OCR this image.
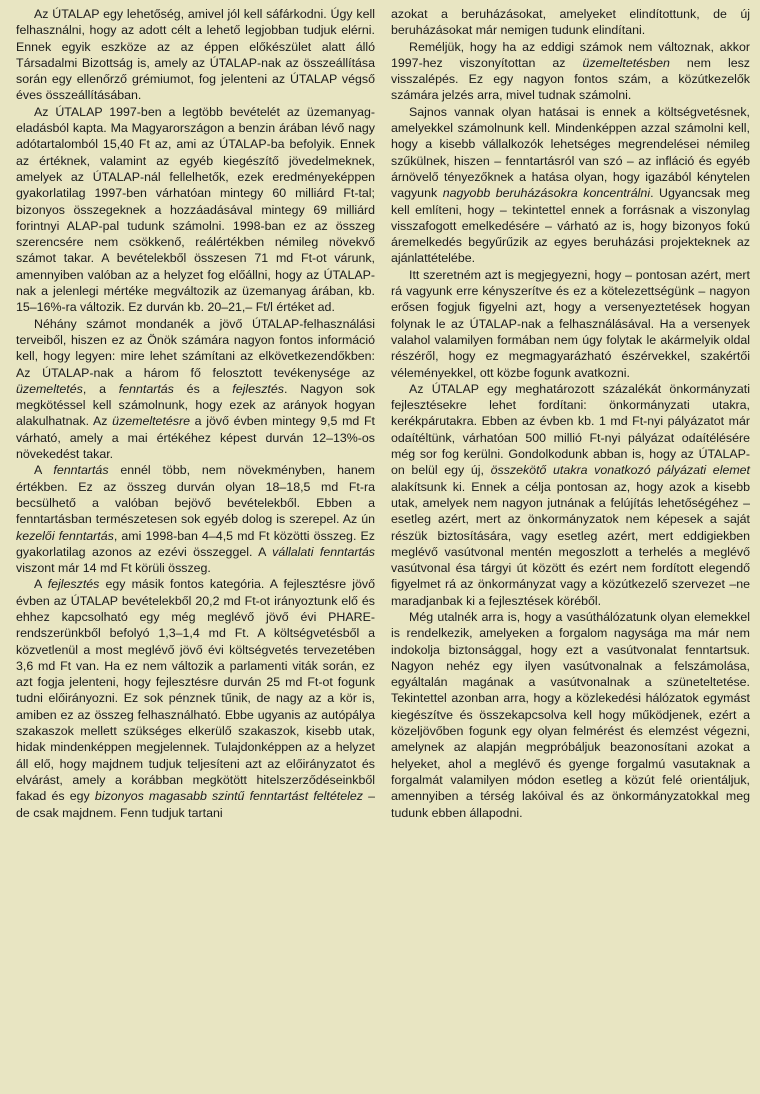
Az ÚTALAP egy lehetőség, amivel jól kell sáfárkodni. Úgy kell felhasználni, hogy az adott célt a lehető legjobban tudjuk elérni. Ennek egyik eszköze az az éppen előkészület alatt álló Társadalmi Bizottság is, amely az ÚTALAP-nak az összeállítása során egy ellenőrző grémiumot, fog jelenteni az ÚTALAP végső éves összeállításában.

Az ÚTALAP 1997-ben a legtöbb bevételét az üzemanyag-eladásból kapta. Ma Magyarországon a benzin árában lévő nagy adótartalomból 15,40 Ft az, ami az ÚTALAP-ba befolyik. Ennek az értéknek, valamint az egyéb kiegészítő jövedelmeknek, amelyek az ÚTALAP-nál fellelhetők, ezek eredményeképpen gyakorlatilag 1997-ben várhatóan mintegy 60 milliárd Ft-tal; bizonyos összegeknek a hozzáadásával mintegy 69 milliárd forintnyi ALAP-pal tudunk számolni. 1998-ban ez az összeg szerencsére nem csökkenő, reálértékben némileg növekvő számot takar. A bevételekből összesen 71 md Ft-ot várunk, amennyiben valóban az a helyzet fog előállni, hogy az ÚTALAP-nak a jelenlegi mértéke megváltozik az üzemanyag árában, kb. 15–16%-ra változik. Ez durván kb. 20–21,– Ft/l értéket ad.

Néhány számot mondanék a jövő ÚTALAP-felhasználási terveiből, hiszen ez az Önök számára nagyon fontos információ kell, hogy legyen: mire lehet számítani az elkövetkezendőkben: Az ÚTALAP-nak a három fő felosztott tevékenysége az üzemeltetés, a fenntartás és a fejlesztés. Nagyon sok megkötéssel kell számolnunk, hogy ezek az arányok hogyan alakulhatnak. Az üzemeltetésre a jövő évben mintegy 9,5 md Ft várható, amely a mai értékéhez képest durván 12–13%-os növekedést takar.

A fenntartás ennél több, nem növekményben, hanem értékben. Ez az összeg durván olyan 18–18,5 md Ft-ra becsülhető a valóban bejövő bevételekből. Ebben a fenntartásban természetesen sok egyéb dolog is szerepel. Az ún kezelői fenntartás, ami 1998-ban 4–4,5 md Ft közötti összeg. Ez gyakorlatilag azonos az ezévi összeggel. A vállalati fenntartás viszont már 14 md Ft körüli összeg.

A fejlesztés egy másik fontos kategória. A fejlesztésre jövő évben az ÚTALAP bevételekből 20,2 md Ft-ot irányoztunk elő és ehhez kapcsolható egy még meglévő jövő évi PHARE-rendszerünkből befolyó 1,3–1,4 md Ft. A költségvetésből a közvetlenül a most meglévő jövő évi költségvetés tervezetében 3,6 md Ft van. Ha ez nem változik a parlamenti viták során, ez azt fogja jelenteni, hogy fejlesztésre durván 25 md Ft-ot fogunk tudni előirányozni. Ez sok pénznek tűnik, de nagy az a kör is, amiben ez az összeg felhasználható. Ebbe ugyanis az autópálya szakaszok mellett szükséges elkerülő szakaszok, kisebb utak, hidak mindenképpen megjelennek. Tulajdonképpen az a helyzet áll elő, hogy majdnem tudjuk teljesíteni azt az előirányzatot és elvárást, amely a korábban megkötött hitelszerződéseinkből fakad és egy bizonyos magasabb szintű fenntartást feltételez – de csak majdnem. Fenn tudjuk tartani

azokat a beruházásokat, amelyeket elindítottunk, de új beruházásokat már nemigen tudunk elindítani.

Reméljük, hogy ha az eddigi számok nem változnak, akkor 1997-hez viszonyítottan az üzemeltetésben nem lesz visszalépés. Ez egy nagyon fontos szám, a közútkezelők számára jelzés arra, mivel tudnak számolni.

Sajnos vannak olyan hatásai is ennek a költségvetésnek, amelyekkel számolnunk kell. Mindenképpen azzal számolni kell, hogy a kisebb vállalkozók lehetséges megrendelései némileg szűkülnek, hiszen – fenntartásról van szó – az infláció és egyéb árnövelő tényezőknek a hatása olyan, hogy igazából kénytelen vagyunk nagyobb beruházásokra koncentrálni. Ugyancsak meg kell említeni, hogy – tekintettel ennek a forrásnak a viszonylag visszafogott emelkedésére – várható az is, hogy bizonyos fokú áremelkedés begyűrűzik az egyes beruházási projekteknek az ajánlattételébe.

Itt szeretném azt is megjegyezni, hogy – pontosan azért, mert rá vagyunk erre kényszerítve és ez a kötelezettségünk – nagyon erősen fogjuk figyelni azt, hogy a versenyeztetések hogyan folynak le az ÚTALAP-nak a felhasználásával. Ha a versenyek valahol valamilyen formában nem úgy folytak le akármelyik oldal részéről, hogy ez megmagyarázható észérvekkel, szakértői véleményekkel, ott közbe fogunk avatkozni.

Az ÚTALAP egy meghatározott százalékát önkormányzati fejlesztésekre lehet fordítani: önkormányzati utakra, kerékpárutakra. Ebben az évben kb. 1 md Ft-nyi pályázatot már odaítéltünk, várhatóan 500 millió Ft-nyi pályázat odaítélésére még sor fog kerülni. Gondolkodunk abban is, hogy az ÚTALAP-on belül egy új, összekötő utakra vonatkozó pályázati elemet alakítsunk ki. Ennek a célja pontosan az, hogy azok a kisebb utak, amelyek nem nagyon jutnának a felújítás lehetőségéhez – esetleg azért, mert az önkormányzatok nem képesek a saját részük biztosítására, vagy esetleg azért, mert eddigiekben meglévő vasútvonal mentén megoszlott a terhelés a meglévő vasútvonal ésa tárgyi út között és ezért nem fordított elegendő figyelmet rá az önkormányzat vagy a közútkezelő szervezet –ne maradjanbak ki a fejlesztések köréből.

Még utalnék arra is, hogy a vasúthálózatunk olyan elemekkel is rendelkezik, amelyeken a forgalom nagysága ma már nem indokolja biztonsággal, hogy ezt a vasútvonalat fenntartsuk. Nagyon nehéz egy ilyen vasútvonalnak a felszámolása, egyáltalán magának a vasútvonalnak a szüneteltetése. Tekintettel azonban arra, hogy a közlekedési hálózatok egymást kiegészítve és összekapcsolva kell hogy működjenek, ezért a közeljövőben fogunk egy olyan felmérést és elemzést végezni, amelynek az alapján megpróbáljuk beazonosítani azokat a helyeket, ahol a meglévő és gyenge forgalmú vasutaknak a forgalmát valamilyen módon esetleg a közút felé orientáljuk, amennyiben a térség lakóival és az önkormányzatokkal meg tudunk ebben állapodni.
